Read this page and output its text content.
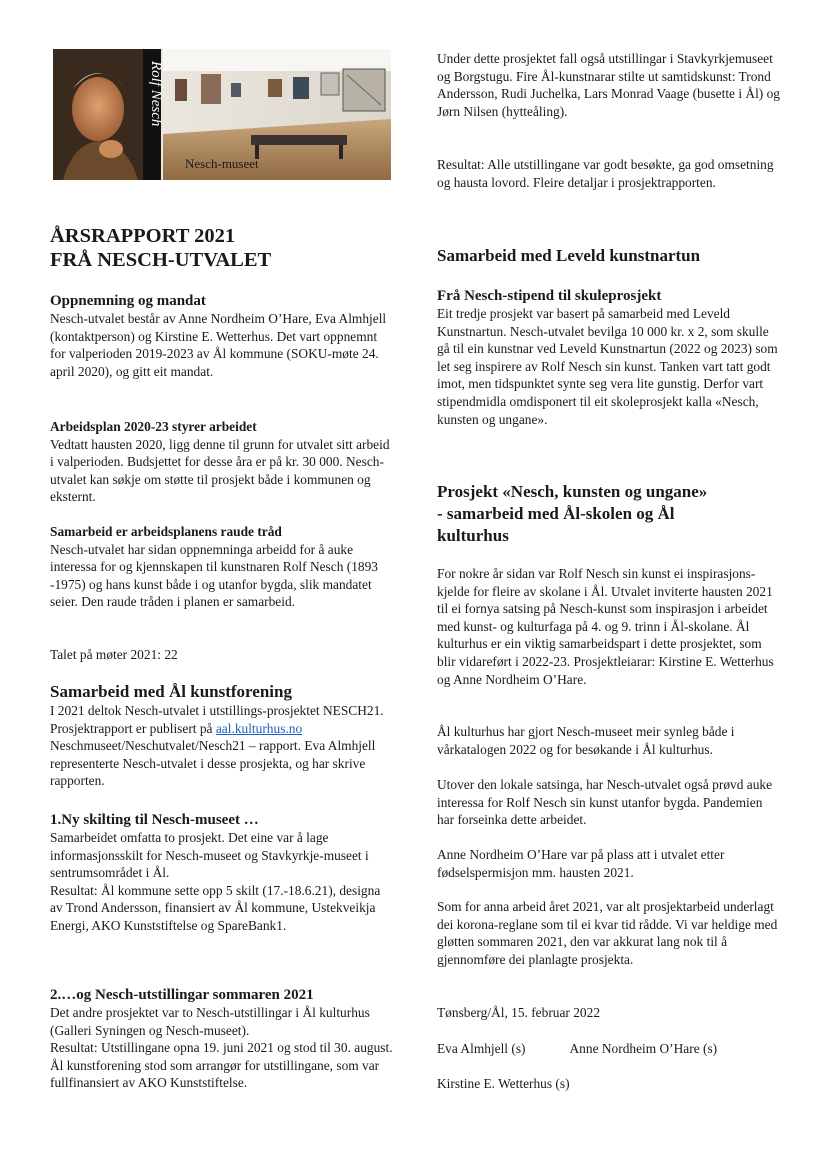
Rolf Nesch
Nesch-museet
ÅRSRAPPORT 2021
FRÅ NESCH-UTVALET
Oppnemning og mandat

Nesch-utvalet består av Anne Nordheim O’Hare, Eva Almhjell (kontaktperson) og Kirstine E. Wetterhus. Det vart oppnemnt for valperioden 2019-2023 av Ål kommune (SOKU-møte 24. april 2020), og gitt eit mandat.

Arbeidsplan 2020-23 styrer arbeidet

Vedtatt hausten 2020, ligg denne til grunn for utvalet sitt arbeid i valperioden. Budsjettet for desse åra er på kr. 30 000. Nesch-utvalet kan søkje om støtte til prosjekt både i kommunen og eksternt.

Samarbeid er arbeidsplanens raude tråd

Nesch-utvalet har sidan oppnemninga arbeidd for å auke interessa for og kjennskapen til kunstnaren Rolf Nesch (1893 -1975) og hans kunst både i og utanfor bygda, slik mandatet seier. Den raude tråden i planen er samarbeid.

Talet på møter 2021: 22

Samarbeid med Ål kunstforening

I 2021 deltok Nesch-utvalet i utstillings-prosjektet NESCH21. Prosjektrapport er publisert på aal.kulturhus.no Neschmuseet/Neschutvalet/Nesch21 – rapport. Eva Almhjell representerte Nesch-utvalet i desse prosjekta, og har skrive rapporten.

1.Ny skilting til Nesch-museet …

Samarbeidet omfatta to prosjekt. Det eine var å lage informasjonsskilt for Nesch-museet og Stavkyrkje-museet i sentrumsområdet i Ål.

Resultat: Ål kommune sette opp 5 skilt (17.-18.6.21), designa av Trond Andersson, finansiert av Ål kommune, Ustekveikja Energi, AKO Kunststiftelse og SpareBank1.

2.…og Nesch-utstillingar sommaren 2021

Det andre prosjektet var to Nesch-utstillingar i Ål kulturhus (Galleri Syningen og Nesch-museet).

Resultat: Utstillingane opna 19. juni 2021 og stod til 30. august. Ål kunstforening stod som arrangør for utstillingane, som var fullfinansiert av AKO Kunststiftelse.

Under dette prosjektet fall også utstillingar i Stavkyrkjemuseet og Borgstugu. Fire Ål-kunstnarar stilte ut samtidskunst: Trond Andersson, Rudi Juchelka, Lars Monrad Vaage (busette i Ål) og Jørn Nilsen (hytteåling).

Resultat: Alle utstillingane var godt besøkte, ga god omsetning og hausta lovord. Fleire detaljar i prosjektrapporten.

Samarbeid med Leveld kunstnartun
Frå Nesch-stipend til skuleprosjekt

Eit tredje prosjekt var basert på samarbeid med Leveld Kunstnartun. Nesch-utvalet bevilga 10 000 kr. x 2, som skulle gå til ein kunstnar ved Leveld Kunstnartun (2022 og 2023) som let seg inspirere av Rolf Nesch sin kunst. Tanken vart tatt godt imot, men tidspunktet synte seg vera lite gunstig. Derfor vart stipendmidla omdisponert til eit skoleprosjekt kalla «Nesch, kunsten og ungane».

Prosjekt «Nesch, kunsten og ungane»
- samarbeid med Ål-skolen og Ål
kulturhus

For nokre år sidan var Rolf Nesch sin kunst ei inspirasjons-kjelde for fleire av skolane i Ål. Utvalet inviterte hausten 2021 til ei fornya satsing på Nesch-kunst som inspirasjon i arbeidet med kunst- og kulturfaga på 4. og 9. trinn i Ål-skolane. Ål kulturhus er ein viktig samarbeidspart i dette prosjektet, som blir vidareført i 2022-23. Prosjektleiarar: Kirstine E. Wetterhus og Anne Nordheim O’Hare.

Ål kulturhus har gjort Nesch-museet meir synleg både i vårkatalogen 2022 og for besøkande i Ål kulturhus.

Utover den lokale satsinga, har Nesch-utvalet også prøvd auke interessa for Rolf Nesch sin kunst utanfor bygda. Pandemien har forseinka dette arbeidet.

Anne Nordheim O’Hare var på plass att i utvalet etter fødselspermisjon mm. hausten 2021.

Som for anna arbeid året 2021, var alt prosjektarbeid underlagt dei korona-reglane som til ei kvar tid rådde. Vi var heldige med gløtten sommaren 2021, den var akkurat lang nok til å gjennomføre dei planlagte prosjekta.

Tønsberg/Ål, 15. februar 2022

Eva Almhjell (s)	Anne Nordheim O’Hare (s)

Kirstine E. Wetterhus (s)
